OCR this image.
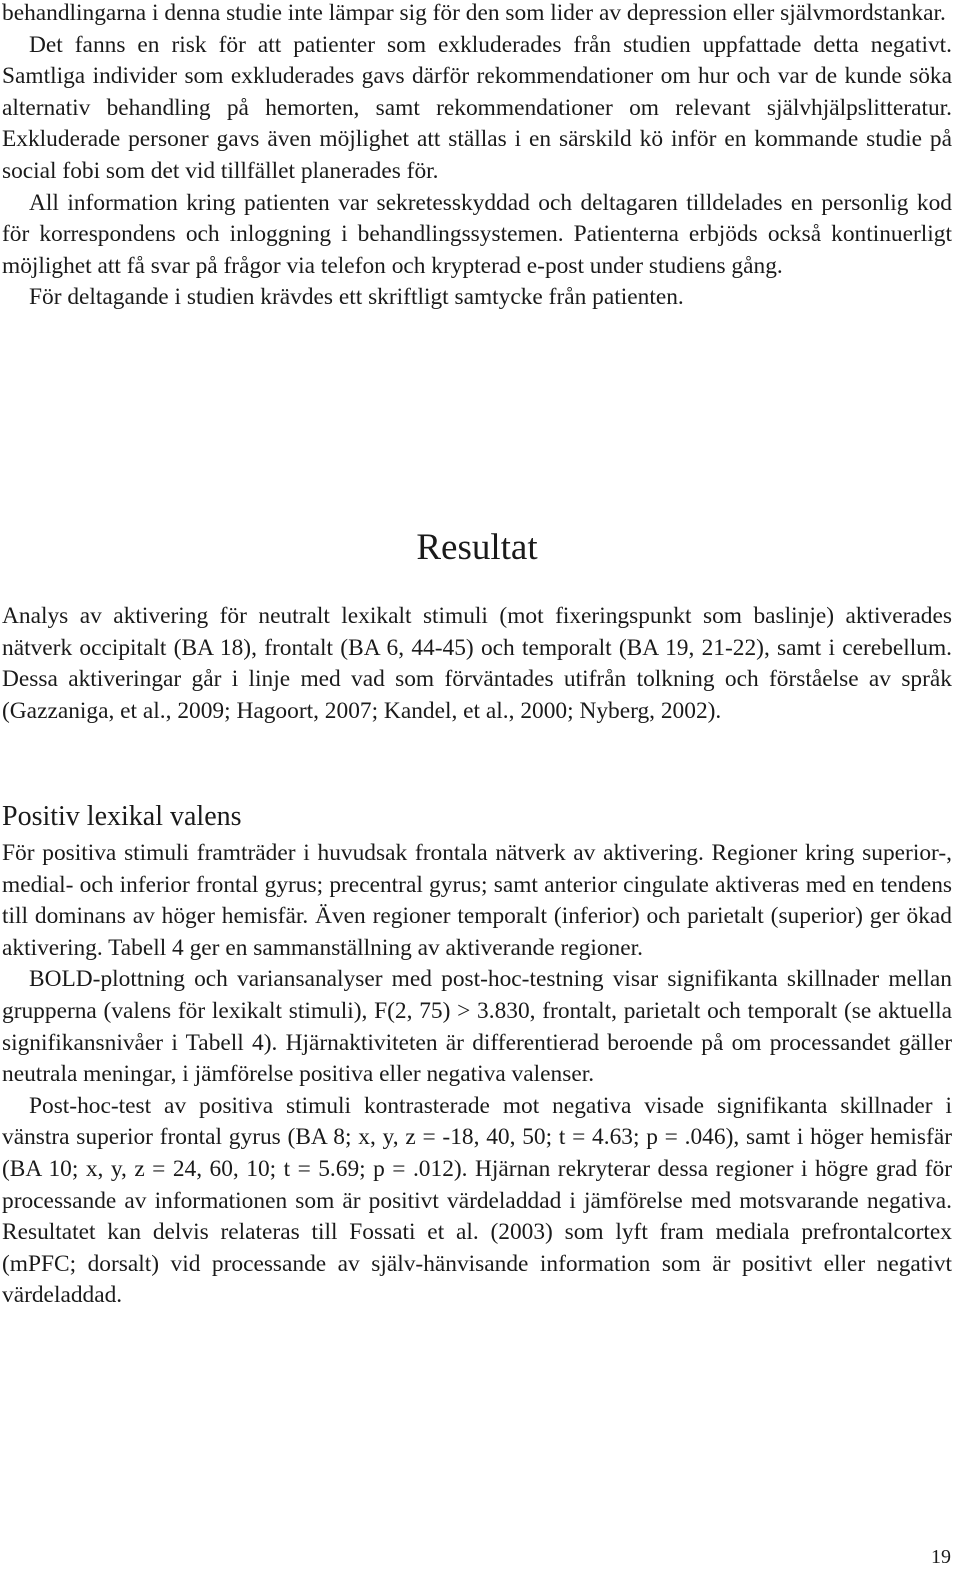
behandlingarna i denna studie inte lämpar sig för den som lider av depression eller självmordstankar.

Det fanns en risk för att patienter som exkluderades från studien uppfattade detta negativt. Samtliga individer som exkluderades gavs därför rekommendationer om hur och var de kunde söka alternativ behandling på hemorten, samt rekommendationer om relevant självhjälpslitteratur. Exkluderade personer gavs även möjlighet att ställas i en särskild kö inför en kommande studie på social fobi som det vid tillfället planerades för.

All information kring patienten var sekretesskyddad och deltagaren tilldelades en personlig kod för korrespondens och inloggning i behandlingssystemen. Patienterna erbjöds också kontinuerligt möjlighet att få svar på frågor via telefon och krypterad e-post under studiens gång.

För deltagande i studien krävdes ett skriftligt samtycke från patienten.

Resultat

Analys av aktivering för neutralt lexikalt stimuli (mot fixeringspunkt som baslinje) aktiverades nätverk occipitalt (BA 18), frontalt (BA 6, 44-45) och temporalt (BA 19, 21-22), samt i cerebellum. Dessa aktiveringar går i linje med vad som förväntades utifrån tolkning och förståelse av språk (Gazzaniga, et al., 2009; Hagoort, 2007; Kandel, et al., 2000; Nyberg, 2002).

Positiv lexikal valens

För positiva stimuli framträder i huvudsak frontala nätverk av aktivering. Regioner kring superior-, medial- och inferior frontal gyrus; precentral gyrus; samt anterior cingulate aktiveras med en tendens till dominans av höger hemisfär. Även regioner temporalt (inferior) och parietalt (superior) ger ökad aktivering. Tabell 4 ger en sammanställning av aktiverande regioner.

BOLD-plottning och variansanalyser med post-hoc-testning visar signifikanta skillnader mellan grupperna (valens för lexikalt stimuli), F(2, 75) > 3.830, frontalt, parietalt och temporalt (se aktuella signifikansnivåer i Tabell 4). Hjärnaktiviteten är differentierad beroende på om processandet gäller neutrala meningar, i jämförelse positiva eller negativa valenser.

Post-hoc-test av positiva stimuli kontrasterade mot negativa visade signifikanta skillnader i vänstra superior frontal gyrus (BA 8; x, y, z = -18, 40, 50; t = 4.63; p = .046), samt i höger hemisfär (BA 10; x, y, z = 24, 60, 10; t = 5.69; p = .012). Hjärnan rekryterar dessa regioner i högre grad för processande av informationen som är positivt värdeladdad i jämförelse med motsvarande negativa. Resultatet kan delvis relateras till Fossati et al. (2003) som lyft fram mediala prefrontalcortex (mPFC; dorsalt) vid processande av själv-hänvisande information som är positivt eller negativt värdeladdad.

19
